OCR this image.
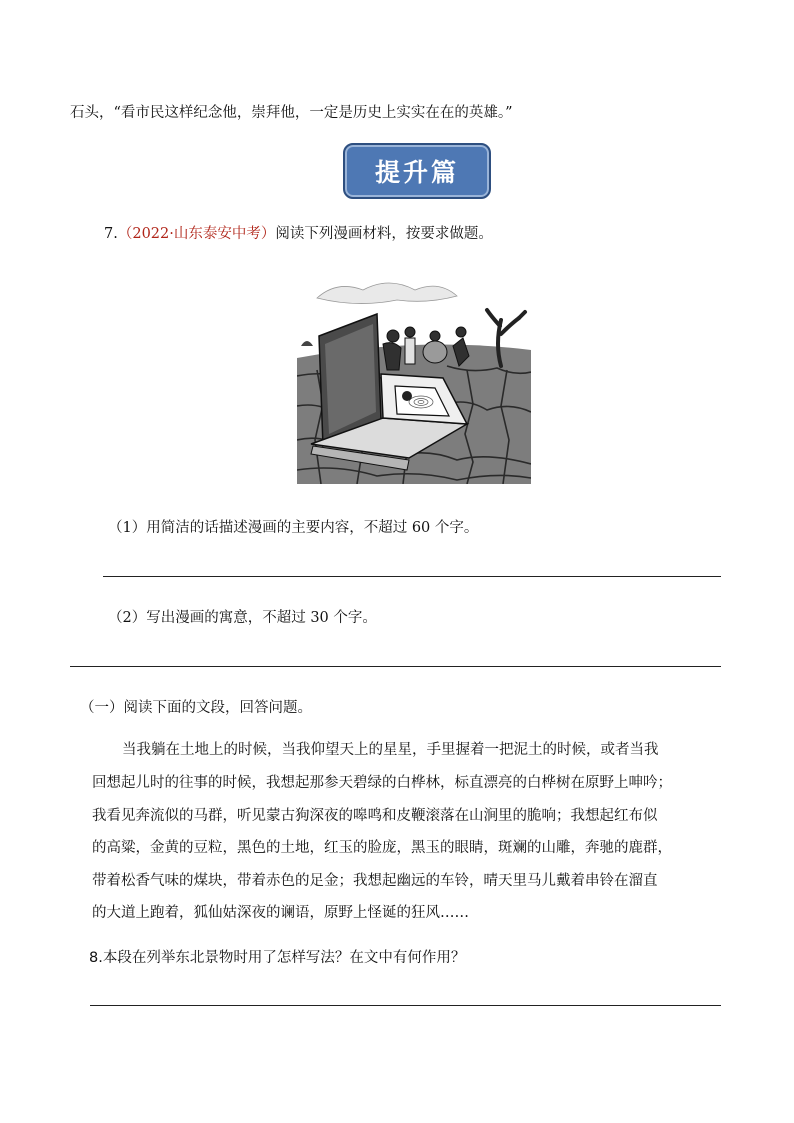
石头，“看市民这样纪念他，崇拜他，一定是历史上实实在在的英雄。”
提升篇
7.（2022·山东泰安中考）阅读下列漫画材料，按要求做题。
（1）用简洁的话描述漫画的主要内容，不超过 60 个字。
（2）写出漫画的寓意，不超过 30 个字。
（一）阅读下面的文段，回答问题。
当我躺在土地上的时候，当我仰望天上的星星，手里握着一把泥土的时候，或者当我
回想起儿时的往事的时候，我想起那参天碧绿的白桦林，标直漂亮的白桦树在原野上呻吟；
我看见奔流似的马群，听见蒙古狗深夜的嗥鸣和皮鞭滚落在山涧里的脆响；我想起红布似
的高粱，金黄的豆粒，黑色的土地，红玉的脸庞，黑玉的眼睛，斑斓的山雕，奔驰的鹿群，
带着松香气味的煤块，带着赤色的足金；我想起幽远的车铃，晴天里马儿戴着串铃在溜直
的大道上跑着，狐仙姑深夜的谰语，原野上怪诞的狂风……
8.本段在列举东北景物时用了怎样写法？在文中有何作用？
